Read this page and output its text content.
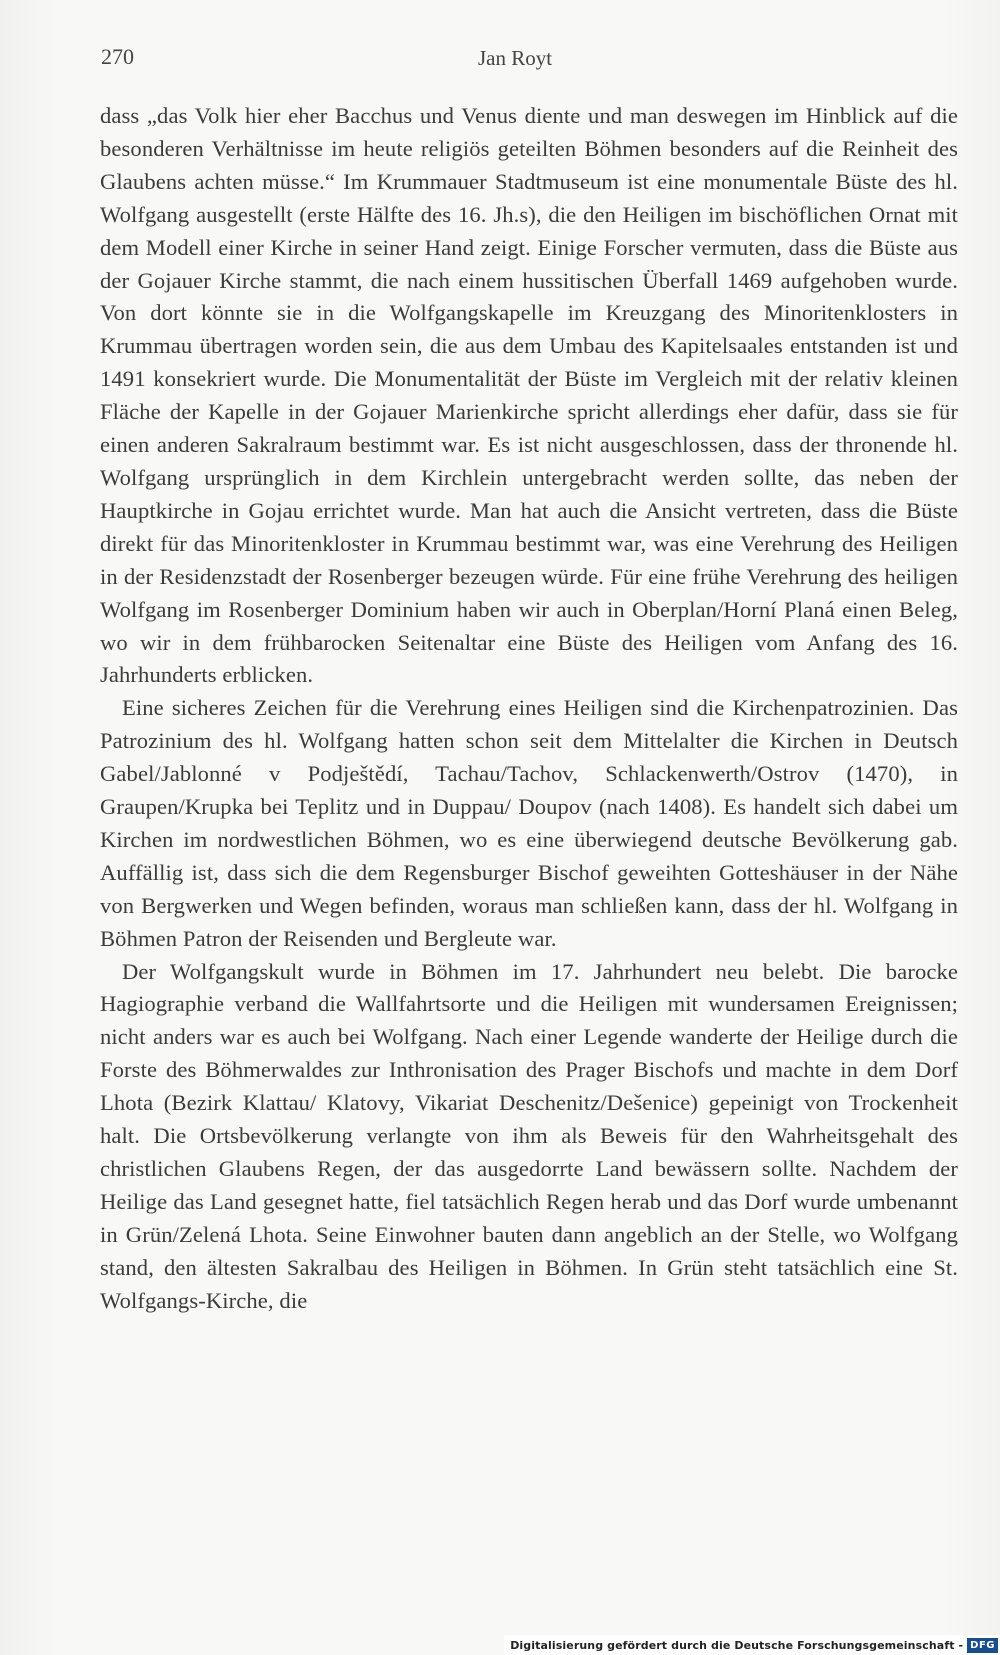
270	Jan Royt

dass „das Volk hier eher Bacchus und Venus diente und man deswegen im Hinblick auf die besonderen Verhältnisse im heute religiös geteilten Böhmen besonders auf die Reinheit des Glaubens achten müsse.“ Im Krummauer Stadtmuseum ist eine monumentale Büste des hl. Wolfgang ausgestellt (erste Hälfte des 16. Jh.s), die den Heiligen im bischöflichen Ornat mit dem Modell einer Kirche in seiner Hand zeigt. Einige Forscher vermuten, dass die Büste aus der Gojauer Kirche stammt, die nach einem hussitischen Überfall 1469 aufgehoben wurde. Von dort könnte sie in die Wolfgangskapelle im Kreuzgang des Minoritenklosters in Krummau übertragen worden sein, die aus dem Umbau des Kapitelsaales entstanden ist und 1491 konsekriert wurde. Die Monumentalität der Büste im Vergleich mit der relativ kleinen Fläche der Kapelle in der Gojauer Marienkirche spricht allerdings eher dafür, dass sie für einen anderen Sakralraum bestimmt war. Es ist nicht ausgeschlossen, dass der thronende hl. Wolfgang ursprünglich in dem Kirchlein untergebracht werden sollte, das neben der Hauptkirche in Gojau errichtet wurde. Man hat auch die Ansicht vertreten, dass die Büste direkt für das Minoritenkloster in Krummau bestimmt war, was eine Verehrung des Heiligen in der Residenzstadt der Rosenberger bezeugen würde. Für eine frühe Verehrung des heiligen Wolfgang im Rosenberger Dominium haben wir auch in Oberplan/Horní Planá einen Beleg, wo wir in dem frühbarocken Seitenaltar eine Büste des Heiligen vom Anfang des 16. Jahrhunderts erblicken.

Eine sicheres Zeichen für die Verehrung eines Heiligen sind die Kirchenpatrozinien. Das Patrozinium des hl. Wolfgang hatten schon seit dem Mittelalter die Kirchen in Deutsch Gabel/Jablonné v Podještědí, Tachau/Tachov, Schlackenwerth/Ostrov (1470), in Graupen/Krupka bei Teplitz und in Duppau/ Doupov (nach 1408). Es handelt sich dabei um Kirchen im nordwestlichen Böhmen, wo es eine überwiegend deutsche Bevölkerung gab. Auffällig ist, dass sich die dem Regensburger Bischof geweihten Gotteshäuser in der Nähe von Bergwerken und Wegen befinden, woraus man schließen kann, dass der hl. Wolfgang in Böhmen Patron der Reisenden und Bergleute war.

Der Wolfgangskult wurde in Böhmen im 17. Jahrhundert neu belebt. Die barocke Hagiographie verband die Wallfahrtsorte und die Heiligen mit wundersamen Ereignissen; nicht anders war es auch bei Wolfgang. Nach einer Legende wanderte der Heilige durch die Forste des Böhmerwaldes zur Inthronisation des Prager Bischofs und machte in dem Dorf Lhota (Bezirk Klattau/ Klatovy, Vikariat Deschenitz/Dešenice) gepeinigt von Trockenheit halt. Die Ortsbevölkerung verlangte von ihm als Beweis für den Wahrheitsgehalt des christlichen Glaubens Regen, der das ausgedorrte Land bewässern sollte. Nachdem der Heilige das Land gesegnet hatte, fiel tatsächlich Regen herab und das Dorf wurde umbenannt in Grün/Zelená Lhota. Seine Einwohner bauten dann angeblich an der Stelle, wo Wolfgang stand, den ältesten Sakralbau des Heiligen in Böhmen. In Grün steht tatsächlich eine St. Wolfgangs-Kirche, die

Digitalisierung gefördert durch die Deutsche Forschungsgemeinschaft - DFG
